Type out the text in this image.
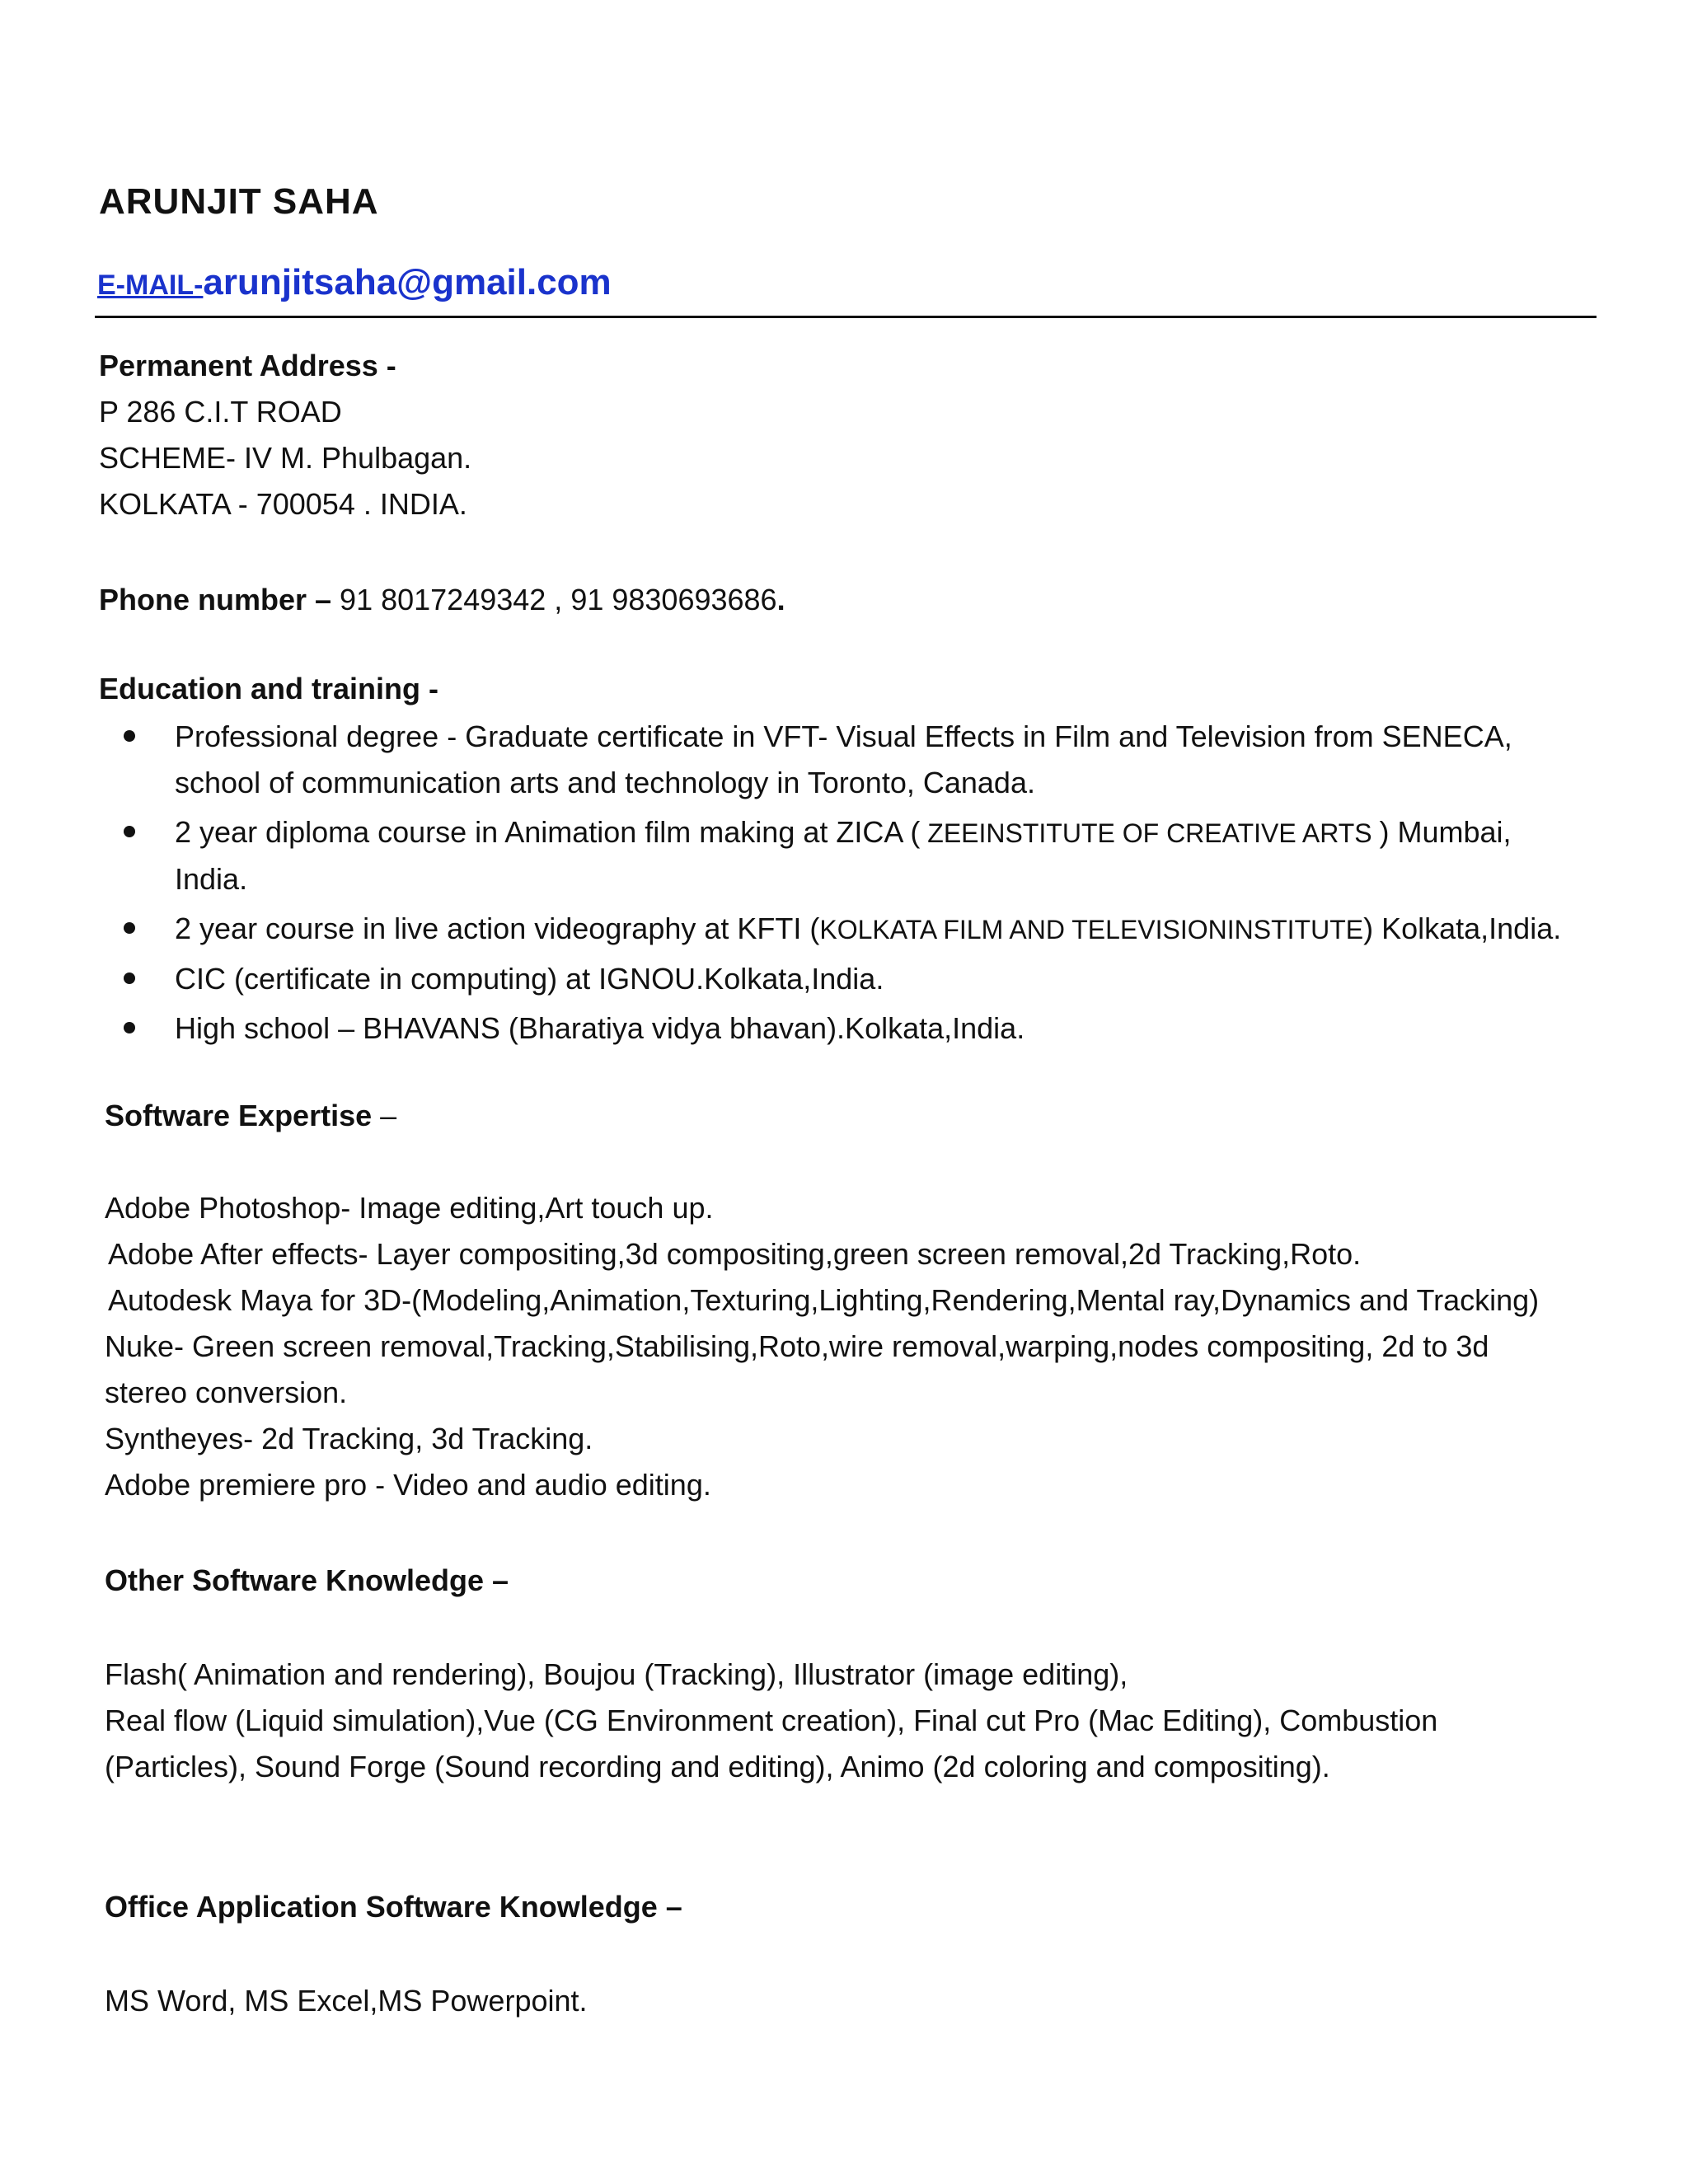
ARUNJIT SAHA
E-MAIL-arunjitsaha@gmail.com
Permanent Address -
P 286 C.I.T ROAD
SCHEME- IV M. Phulbagan.
KOLKATA - 700054 . INDIA.
Phone number – 91 8017249342 , 91 9830693686.
Education and training -
Professional degree - Graduate certificate in VFT- Visual Effects in Film and Television from SENECA,
school of communication arts and technology in Toronto, Canada.
2 year diploma course in Animation film making at ZICA ( ZEEINSTITUTE OF CREATIVE ARTS ) Mumbai,
India.
2 year course in live action videography at KFTI (KOLKATA FILM AND TELEVISIONINSTITUTE) Kolkata,India.
CIC (certificate in computing) at IGNOU.Kolkata,India.
High school – BHAVANS (Bharatiya vidya bhavan).Kolkata,India.
Software Expertise –
Adobe Photoshop- Image editing,Art touch up.
Adobe After effects- Layer compositing,3d compositing,green screen removal,2d Tracking,Roto.
Autodesk Maya for 3D-(Modeling,Animation,Texturing,Lighting,Rendering,Mental ray,Dynamics and Tracking)
Nuke- Green screen removal,Tracking,Stabilising,Roto,wire removal,warping,nodes compositing, 2d to 3d
stereo conversion.
Syntheyes- 2d Tracking, 3d Tracking.
Adobe premiere pro - Video and audio editing.
Other Software Knowledge –
Flash( Animation and rendering), Boujou (Tracking), Illustrator (image editing),
Real flow (Liquid simulation),Vue (CG Environment creation), Final cut Pro (Mac Editing), Combustion
(Particles), Sound Forge (Sound recording and editing), Animo (2d coloring and compositing).
Office Application Software Knowledge –
MS Word, MS Excel,MS Powerpoint.
